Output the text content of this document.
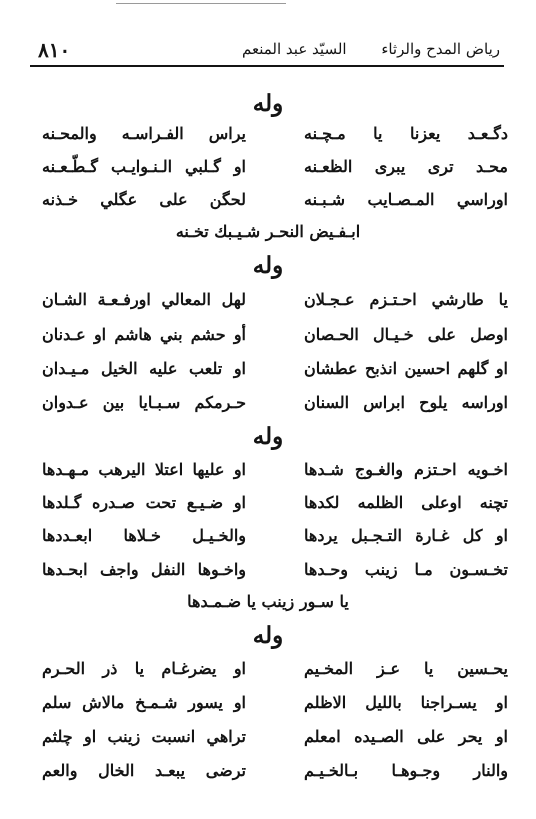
٨١٠	السيّد عبد المنعم رياض المدح والرثاء
وله
دگـعـد يعزنا يا مـچـنه
يراس الفـراسـه والمحـنه
محـد ترى يبرى الظعـنه
او گـلبي الـنـوايـب گـطّـعـنه
اوراسي المـصـايب شـبـنه
لحگن على عگلي خـذنه
ابـفـيض النحـر شـيـبك تخـنه
وله
يا طارشي احـتـزم عـجـلان
لهل المعالي اورفـعـة الشـان
اوصل على خـيـال الحـصان
أو حشم بني هاشم او عـدنان
او گلهم احسين انذبح عطشان
او تلعب عليه الخيل مـيـدان
اوراسه يلوح ابراس السنان
حـرمكم سـبـايا بين عـدوان
وله
اخـويه احـتزم والغـوج شـدها
او عليها اعتلا اليرهب مـهـدها
تچنه اوعلى الظلمه لكدها
او ضـيـع تحت صـدره گـلدها
او كل غـارة التـجـبل يردها
والخـيـل خـلاها ابعـددها
تخـسـون مـا زينب وحـدها
واخـوها النفل واجف ابحـدها
يا سـور زينب يا ضـمـدها
وله
يحـسين يا عـز المخـيم
او يضرغـام يا ذر الحـرم
او يسـراجنا بالليل الاظلم
او يسور شـمـخ مالاش سلم
او يحر على الصـيده امعلم
تراهي انسبت زينب او چلثم
والنار وجـوهـا بـالخـيـم
ترضى يبعـد الخال والعم
